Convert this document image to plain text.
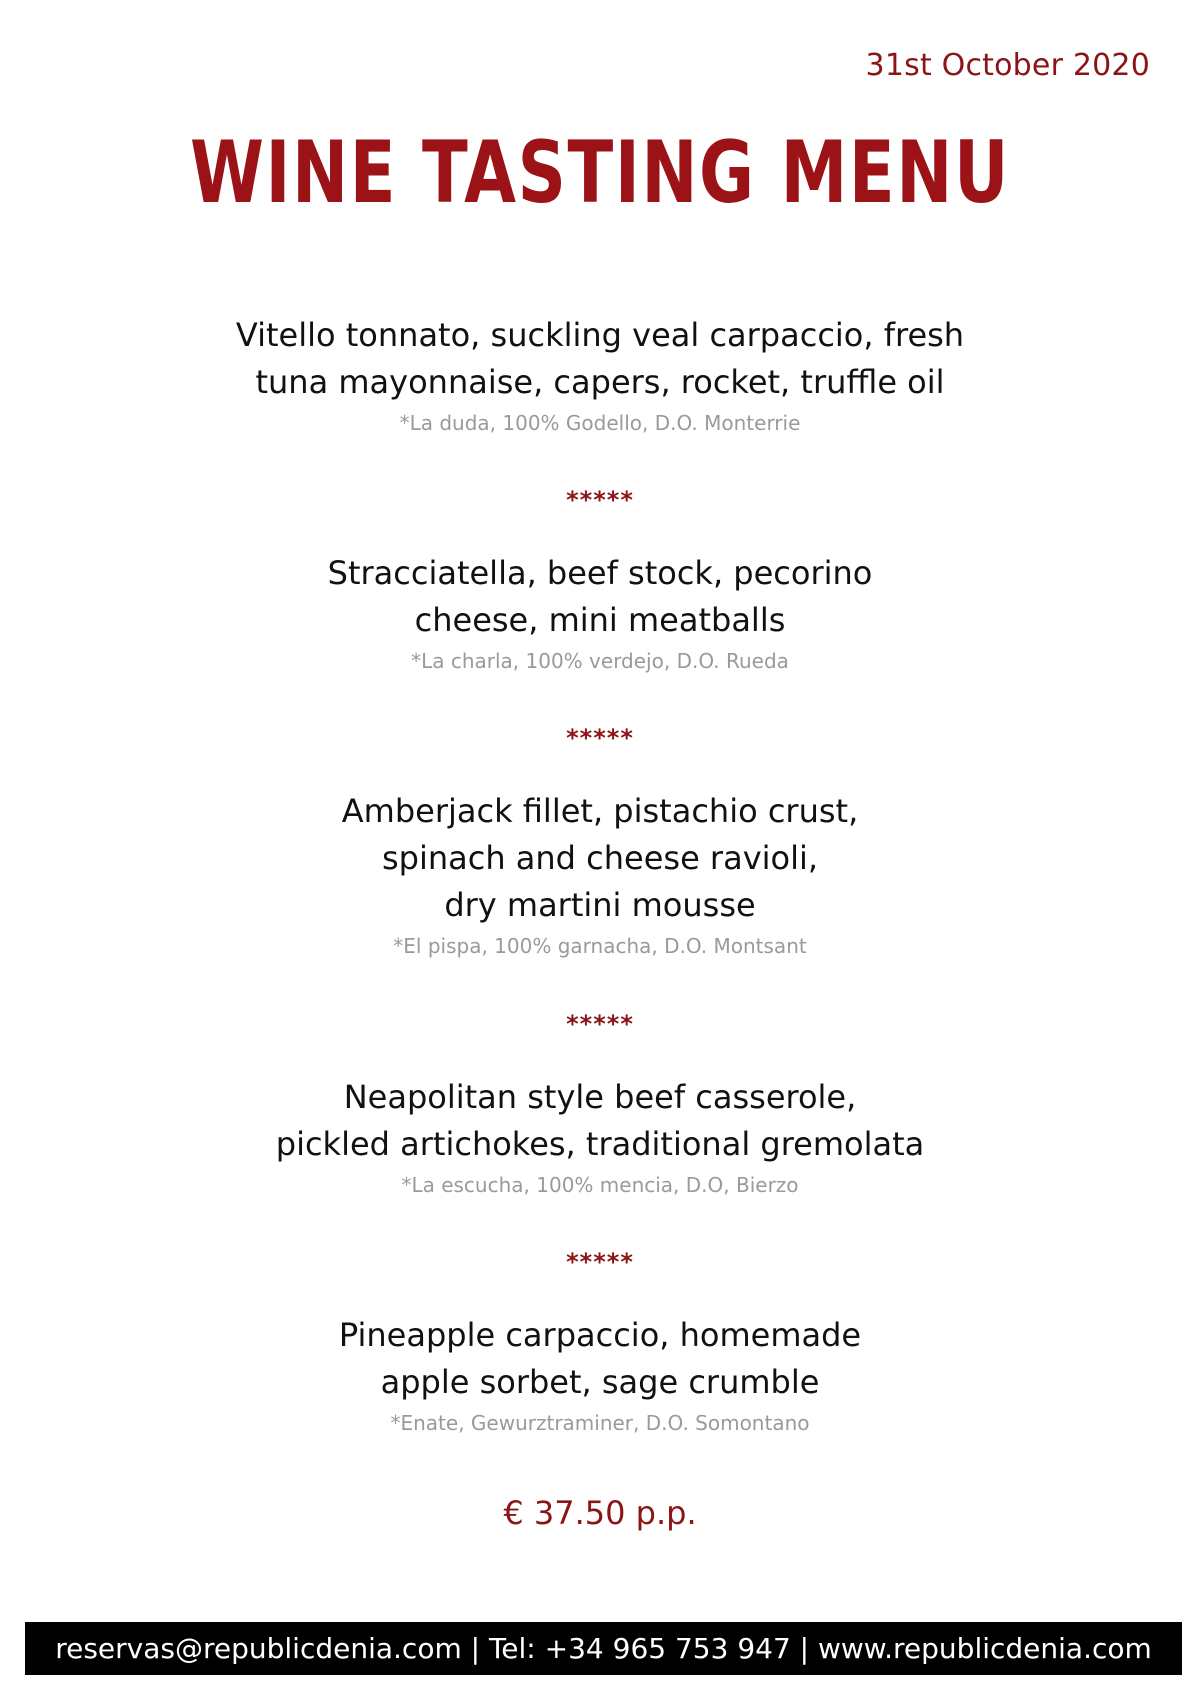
31st October 2020
WINE TASTING MENU
Vitello tonnato, suckling veal carpaccio, fresh
tuna mayonnaise, capers, rocket, truffle oil
*La duda, 100% Godello, D.O. Monterrie
*****
Stracciatella, beef stock, pecorino
cheese, mini meatballs
*La charla, 100% verdejo, D.O. Rueda
*****
Amberjack fillet, pistachio crust,
spinach and cheese ravioli,
dry martini mousse
*El pispa, 100% garnacha, D.O. Montsant
*****
Neapolitan style beef casserole,
pickled artichokes, traditional gremolata
*La escucha, 100% mencia, D.O, Bierzo
*****
Pineapple carpaccio, homemade
apple sorbet, sage crumble
*Enate, Gewurztraminer, D.O. Somontano
€ 37.50 p.p.
reservas@republicdenia.com | Tel: +34 965 753 947 | www.republicdenia.com
